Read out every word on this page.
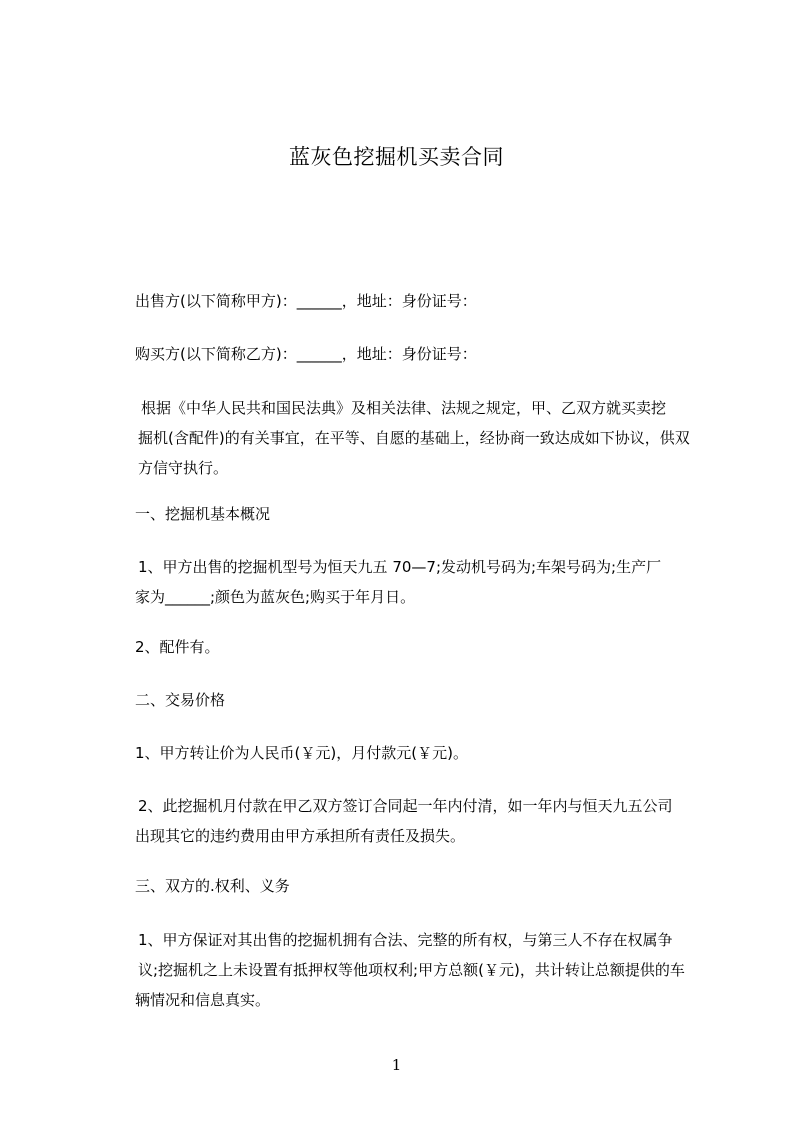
蓝灰色挖掘机买卖合同

出售方(以下简称甲方)：______，地址：身份证号：

购买方(以下简称乙方)：______，地址：身份证号：

根据《中华人民共和国民法典》及相关法律、法规之规定，甲、乙双方就买卖挖

掘机(含配件)的有关事宜，在平等、自愿的基础上，经协商一致达成如下协议，供双
方信守执行。

一、挖掘机基本概况

1、甲方出售的挖掘机型号为恒天九五 70—7;发动机号码为;车架号码为;生产厂

家为______;颜色为蓝灰色;购买于年月日。

2、配件有。

二、交易价格

1、甲方转让价为人民币(￥元)，月付款元(￥元)。

2、此挖掘机月付款在甲乙双方签订合同起一年内付清，如一年内与恒天九五公司

出现其它的违约费用由甲方承担所有责任及损失。

三、双方的.权利、义务

1、甲方保证对其出售的挖掘机拥有合法、完整的所有权，与第三人不存在权属争

议;挖掘机之上未设置有抵押权等他项权利;甲方总额(￥元)，共计转让总额提供的车

辆情况和信息真实。

1
